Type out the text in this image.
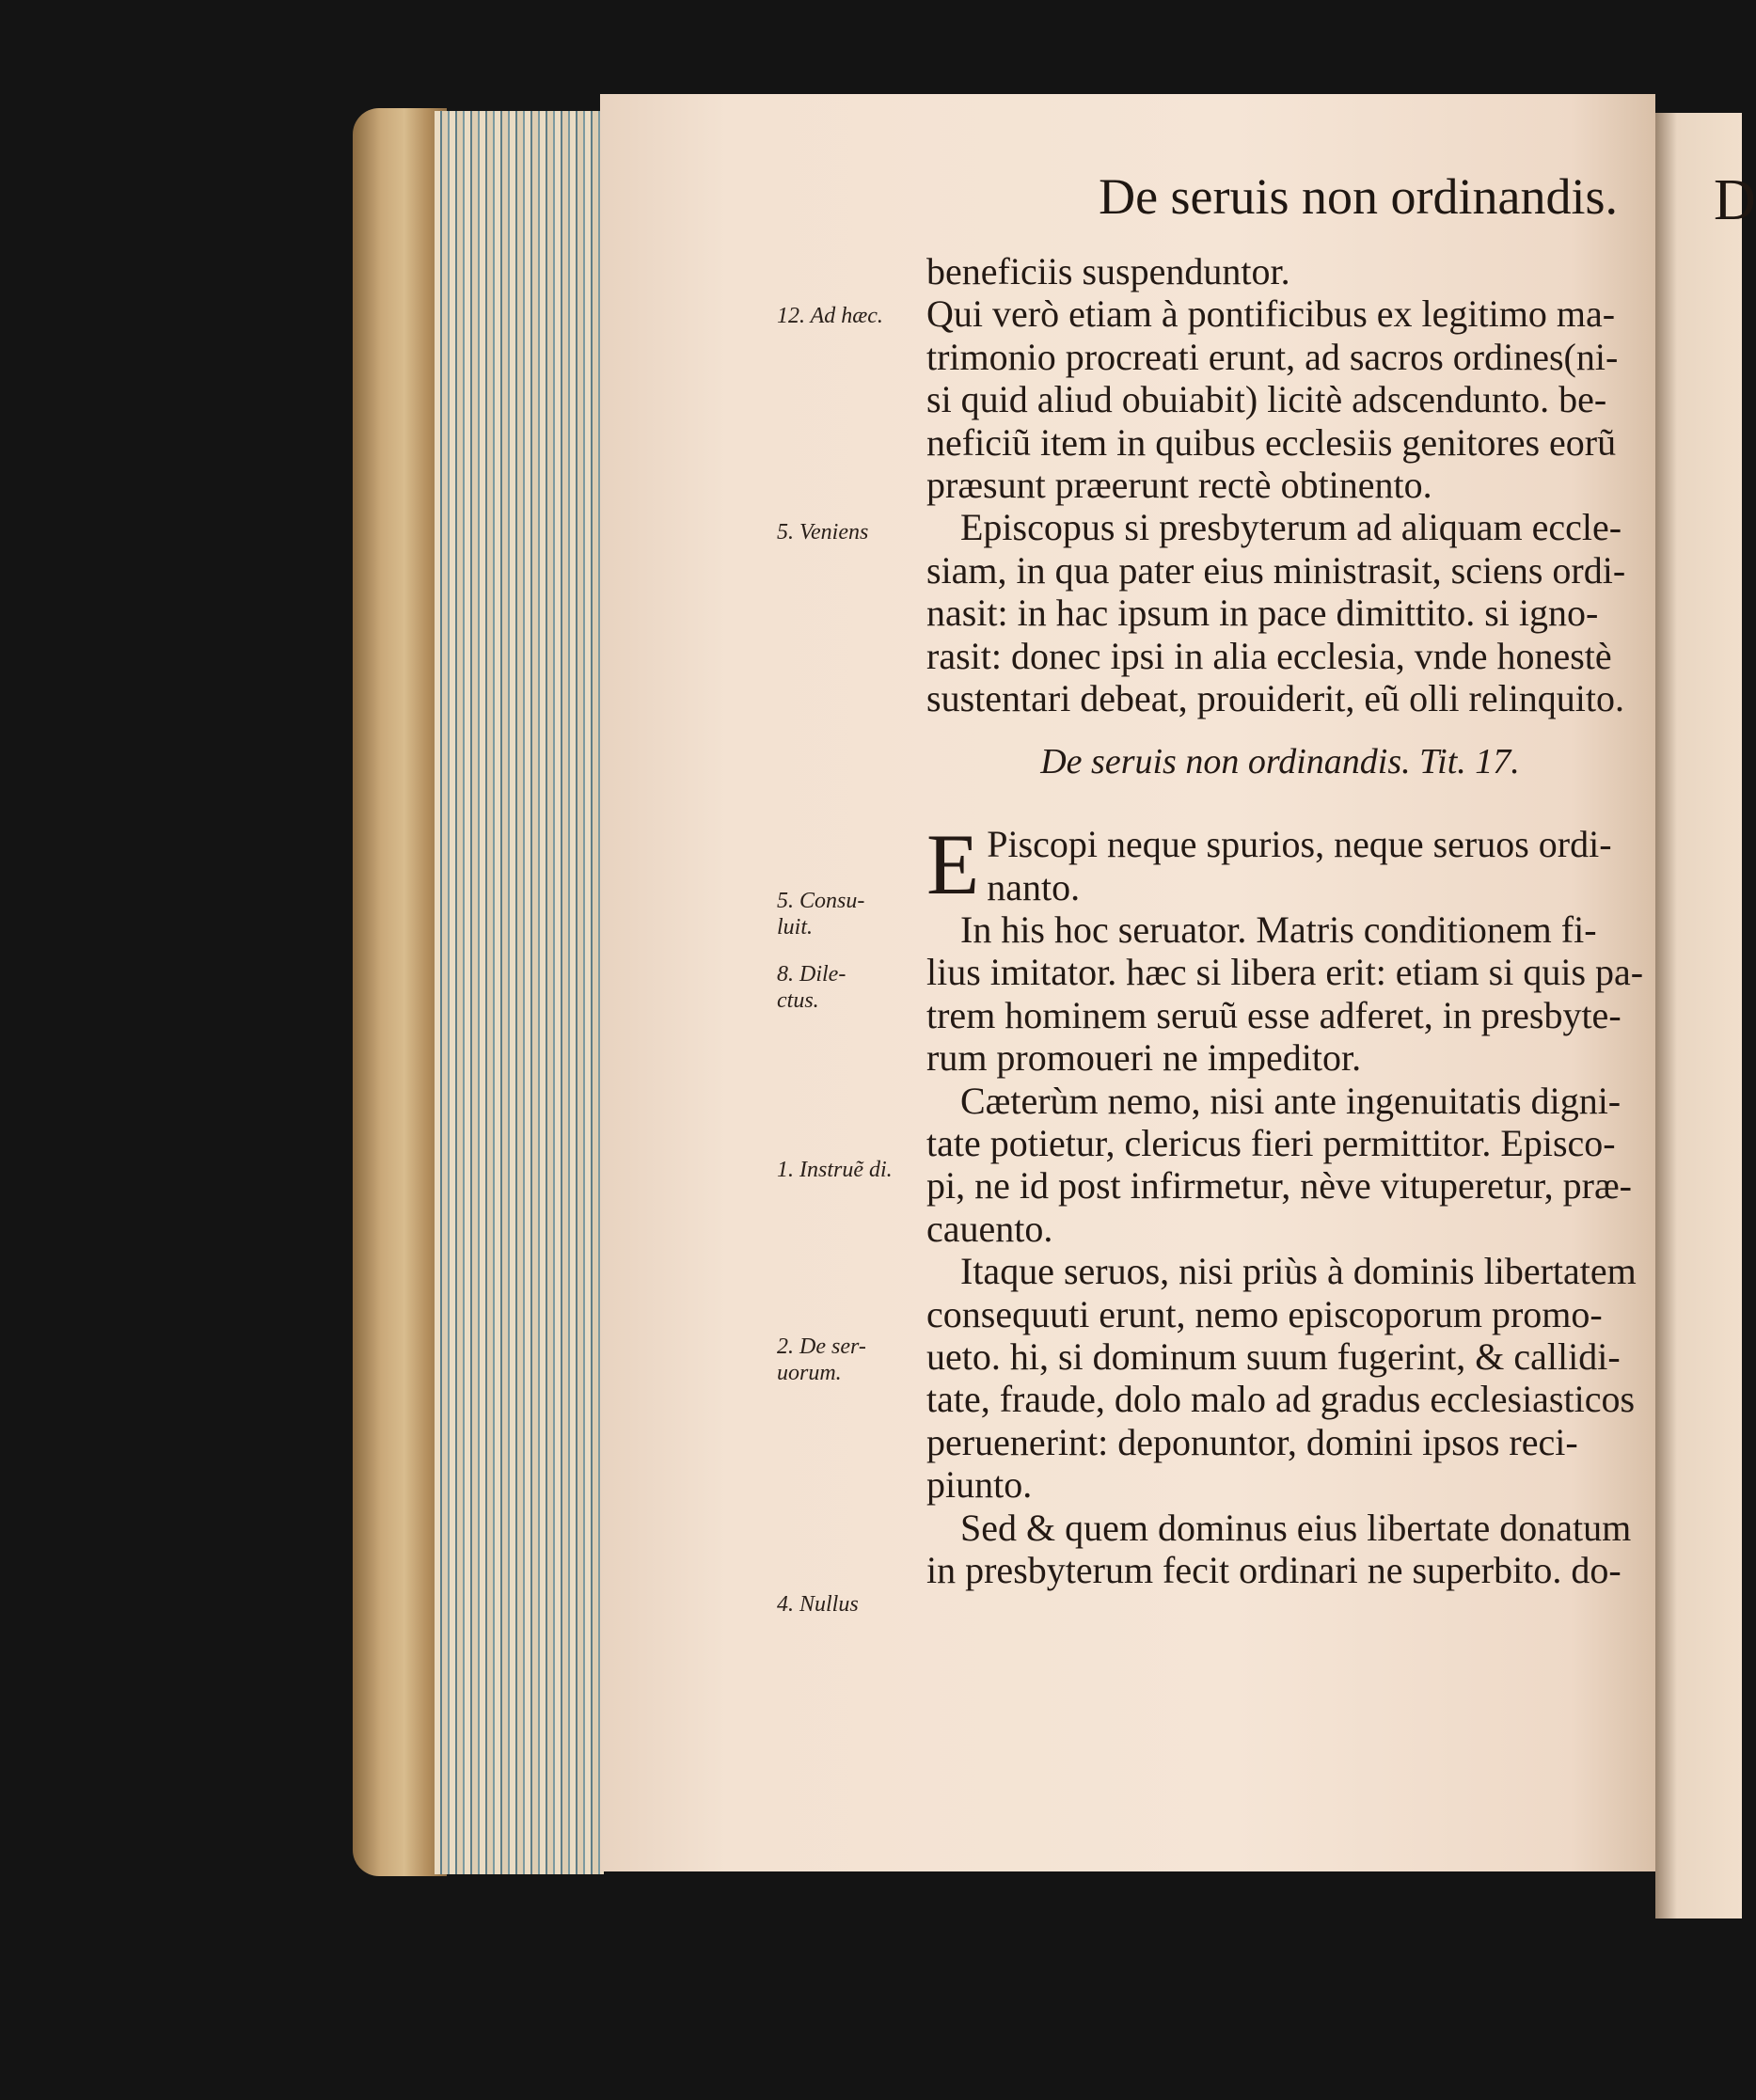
De seruis non ordinandis. D
beneficiis suspenduntor.
Qui verò etiam à pontificibus ex legitimo ma-
trimonio procreati erunt, ad sacros ordines(ni-
si quid aliud obuiabit) licitè adscendunto. be-
neficiũ item in quibus ecclesiis genitores eorũ
præsunt præerunt rectè obtinento.
Episcopus si presbyterum ad aliquam eccle-
siam, in qua pater eius ministrasit, sciens ordi-
nasit: in hac ipsum in pace dimittito. si igno-
rasit: donec ipsi in alia ecclesia, vnde honestè
sustentari debeat, prouiderit, eũ olli relinquito.
De seruis non ordinandis. Tit. 17.
E Piscopi neque spurios, neque seruos ordi-
nanto.
In his hoc seruator. Matris conditionem fi-
lius imitator. hæc si libera erit: etiam si quis pa-
trem hominem seruũ esse adferet, in presbyte-
rum promoueri ne impeditor.
Cæterùm nemo, nisi ante ingenuitatis digni-
tate potietur, clericus fieri permittitor. Episco-
pi, ne id post infirmetur, nève vituperetur, præ-
cauento.
Itaque seruos, nisi priùs à dominis libertatem
consequuti erunt, nemo episcoporum promo-
ueto. hi, si dominum suum fugerint, & callidi-
tate, fraude, dolo malo ad gradus ecclesiasticos
peruenerint: deponuntor, domini ipsos reci-
piunto.
Sed & quem dominus eius libertate donatum
in presbyterum fecit ordinari ne superbito. do-
12. Ad hæc.
5. Veniens
5. Consu-
luit.
8. Dile-
ctus.
1. Instruẽ di.
2. De ser-
uorum.
4. Nullus
